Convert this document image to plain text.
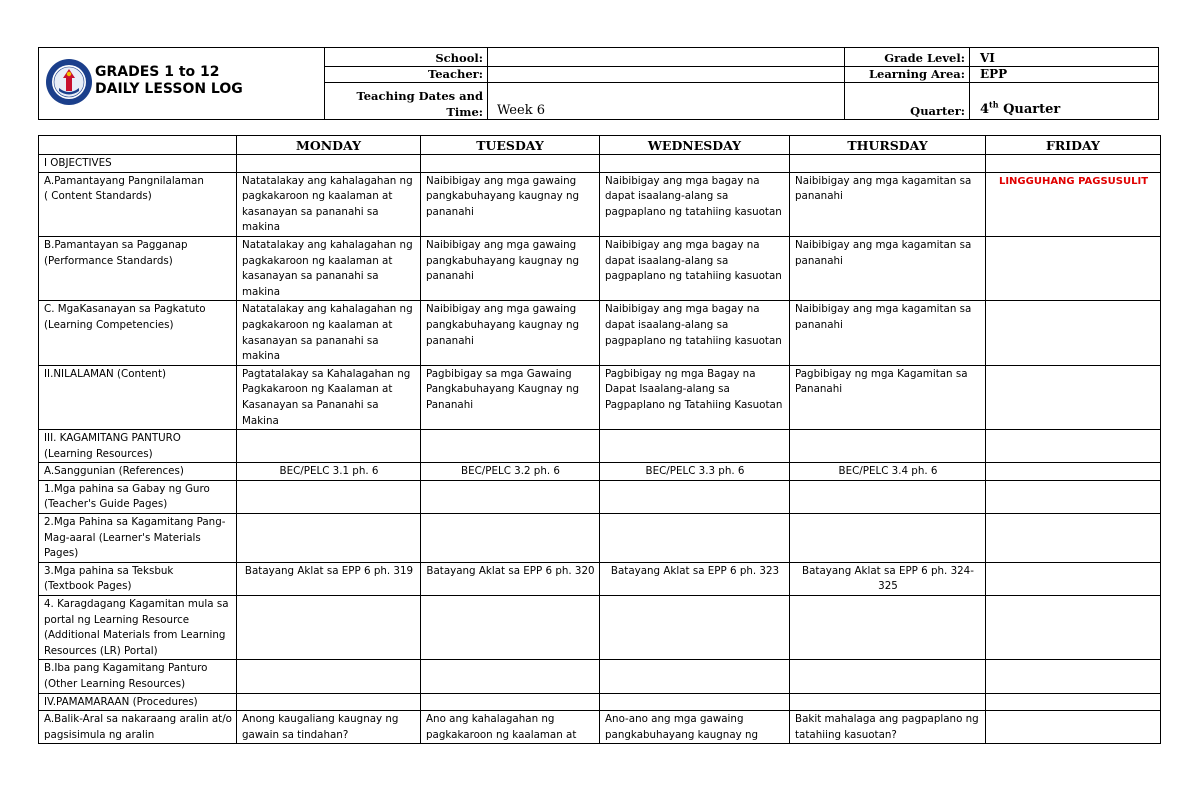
GRADES 1 to 12
DAILY LESSON LOG
School:
Teacher:
Teaching Dates and
Time: Week 6
Grade Level: VI
Learning Area: EPP
Quarter: 4th Quarter
	MONDAY	TUESDAY	WEDNESDAY	THURSDAY	FRIDAY
I OBJECTIVES					
A.Pamantayang Pangnilalaman
( Content Standards)	Natatalakay ang kahalagahan ng pagkakaroon ng kaalaman at kasanayan sa pananahi sa makina	Naibibigay ang mga gawaing pangkabuhayang kaugnay ng pananahi	Naibibigay ang mga bagay na dapat isaalang-alang sa pagpaplano ng tatahiing kasuotan	Naibibigay ang mga kagamitan sa pananahi	LINGGUHANG PAGSUSULIT
B.Pamantayan sa Pagganap
(Performance Standards)	Natatalakay ang kahalagahan ng pagkakaroon ng kaalaman at kasanayan sa pananahi sa makina	Naibibigay ang mga gawaing pangkabuhayang kaugnay ng pananahi	Naibibigay ang mga bagay na dapat isaalang-alang sa pagpaplano ng tatahiing kasuotan	Naibibigay ang mga kagamitan sa pananahi	
C. MgaKasanayan sa Pagkatuto
(Learning Competencies)	Natatalakay ang kahalagahan ng pagkakaroon ng kaalaman at kasanayan sa pananahi sa makina	Naibibigay ang mga gawaing pangkabuhayang kaugnay ng pananahi	Naibibigay ang mga bagay na dapat isaalang-alang sa pagpaplano ng tatahiing kasuotan	Naibibigay ang mga kagamitan sa pananahi	
II.NILALAMAN (Content)	Pagtatalakay sa Kahalagahan ng Pagkakaroon ng Kaalaman at Kasanayan sa Pananahi sa Makina	Pagbibigay sa mga Gawaing Pangkabuhayang Kaugnay ng Pananahi	Pagbibigay ng mga Bagay na Dapat Isaalang-alang sa Pagpaplano ng Tatahiing Kasuotan	Pagbibigay ng mga Kagamitan sa Pananahi	
III. KAGAMITANG PANTURO
(Learning Resources)					
A.Sanggunian (References)	BEC/PELC 3.1 ph. 6	BEC/PELC 3.2 ph. 6	BEC/PELC 3.3 ph. 6	BEC/PELC 3.4 ph. 6	
1.Mga pahina sa Gabay ng Guro
(Teacher's Guide Pages)					
2.Mga Pahina sa Kagamitang Pang-Mag-aaral (Learner's Materials Pages)					
3.Mga pahina sa Teksbuk
(Textbook Pages)	Batayang Aklat sa EPP 6 ph. 319	Batayang Aklat sa EPP 6 ph. 320	Batayang Aklat sa EPP 6 ph. 323	Batayang Aklat sa EPP 6 ph. 324-325	
4. Karagdagang Kagamitan mula sa portal ng Learning Resource (Additional Materials from Learning Resources (LR) Portal)					
B.Iba pang Kagamitang Panturo
(Other Learning Resources)					
IV.PAMAMARAAN (Procedures)					
A.Balik-Aral sa nakaraang aralin at/o pagsisimula ng aralin	Anong kaugaliang kaugnay ng gawain sa tindahan?	Ano ang kahalagahan ng pagkakaroon ng kaalaman at	Ano-ano ang mga gawaing pangkabuhayang kaugnay ng	Bakit mahalaga ang pagpaplano ng tatahiing kasuotan?	
